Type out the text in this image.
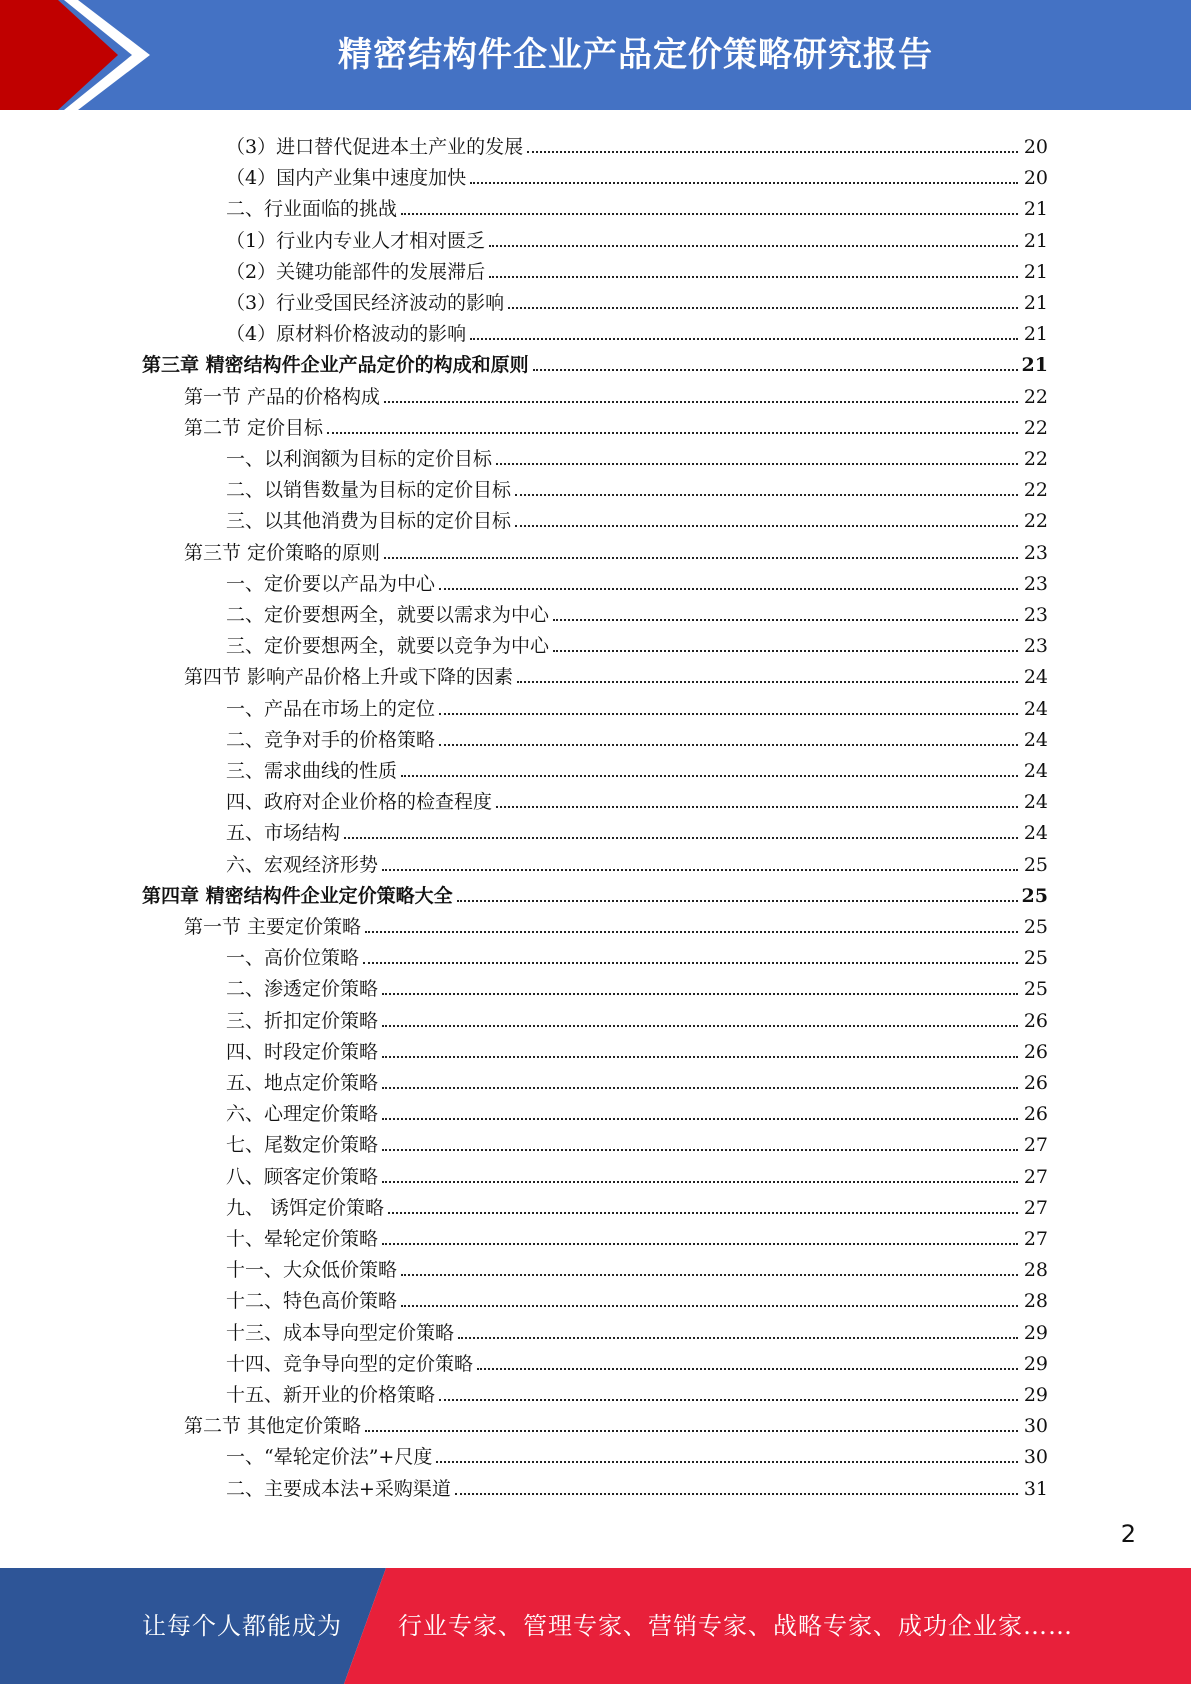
精密结构件企业产品定价策略研究报告
（3）进口替代促进本土产业的发展	20
（4）国内产业集中速度加快	20
二、行业面临的挑战	21
（1）行业内专业人才相对匮乏	21
（2）关键功能部件的发展滞后	21
（3）行业受国民经济波动的影响	21
（4）原材料价格波动的影响	21
第三章 精密结构件企业产品定价的构成和原则	21
第一节 产品的价格构成	22
第二节 定价目标	22
一、以利润额为目标的定价目标	22
二、以销售数量为目标的定价目标	22
三、以其他消费为目标的定价目标	22
第三节 定价策略的原则	23
一、定价要以产品为中心	23
二、定价要想两全，就要以需求为中心	23
三、定价要想两全，就要以竞争为中心	23
第四节 影响产品价格上升或下降的因素	24
一、产品在市场上的定位	24
二、竞争对手的价格策略	24
三、需求曲线的性质	24
四、政府对企业价格的检查程度	24
五、市场结构	24
六、宏观经济形势	25
第四章 精密结构件企业定价策略大全	25
第一节 主要定价策略	25
一、高价位策略	25
二、渗透定价策略	25
三、折扣定价策略	26
四、时段定价策略	26
五、地点定价策略	26
六、心理定价策略	26
七、尾数定价策略	27
八、顾客定价策略	27
九、 诱饵定价策略	27
十、晕轮定价策略	27
十一、大众低价策略	28
十二、特色高价策略	28
十三、成本导向型定价策略	29
十四、竞争导向型的定价策略	29
十五、新开业的价格策略	29
第二节 其他定价策略	30
一、“晕轮定价法”+尺度	30
二、主要成本法+采购渠道	31
2
让每个人都能成为 行业专家、管理专家、营销专家、战略专家、成功企业家……
